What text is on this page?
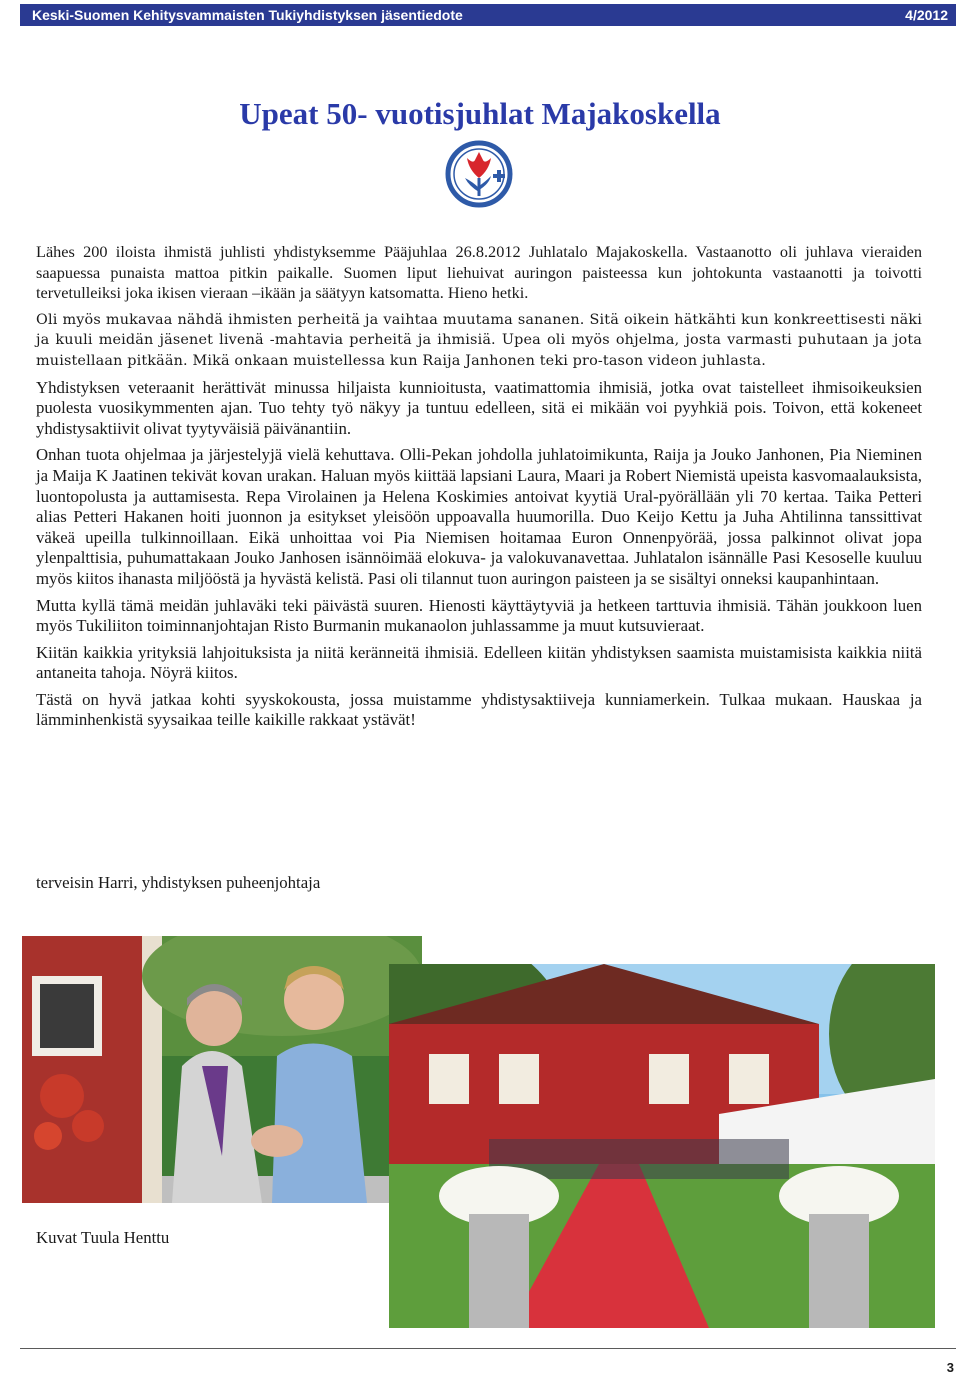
Keski-Suomen Kehitysvammaisten Tukiyhdistyksen jäsentiedote	4/2012
Upeat 50- vuotisjuhlat Majakoskella

Lähes 200 iloista ihmistä juhlisti yhdistyksemme Pääjuhlaa 26.8.2012 Juhlatalo Majakoskella. Vastaanotto oli juhlava vieraiden saapuessa punaista mattoa pitkin paikalle. Suomen liput liehuivat auringon paisteessa kun johtokunta vastaanotti ja toivotti tervetulleiksi joka ikisen vieraan –ikään ja säätyyn katsomatta. Hieno hetki.

Oli myös mukavaa nähdä ihmisten perheitä ja vaihtaa muutama sananen. Sitä oikein hätkähti kun konkreettisesti näki ja kuuli meidän jäsenet livenä -mahtavia perheitä ja ihmisiä. Upea oli myös ohjelma, josta varmasti puhutaan ja jota muistellaan pitkään. Mikä onkaan muistellessa kun Raija Janhonen teki pro-tason videon juhlasta.

Yhdistyksen veteraanit herättivät minussa hiljaista kunnioitusta, vaatimattomia ihmisiä, jotka ovat taistelleet ihmisoikeuksien puolesta vuosikymmenten ajan. Tuo tehty työ näkyy ja tuntuu edelleen, sitä ei mikään voi pyyhkiä pois. Toivon, että kokeneet yhdistysaktiivit olivat tyytyväisiä päivänantiin.

Onhan tuota ohjelmaa ja järjestelyjä vielä kehuttava. Olli-Pekan johdolla juhlatoimikunta, Raija ja Jouko Janhonen, Pia Nieminen ja Maija K Jaatinen tekivät kovan urakan. Haluan myös kiittää lapsiani Laura, Maari ja Robert Niemistä upeista kasvomaalauksista, luontopolusta ja auttamisesta. Repa Virolainen ja Helena Koskimies antoivat kyytiä Ural-pyörällään yli 70 kertaa. Taika Petteri alias Petteri Hakanen hoiti juonnon ja esitykset yleisöön uppoavalla huumorilla. Duo Keijo Kettu ja Juha Ahtilinna tanssittivat väkeä upeilla tulkinnoillaan. Eikä unhoittaa voi Pia Niemisen hoitamaa Euron Onnenpyörää, jossa palkinnot olivat jopa ylenpalttisia, puhumattakaan Jouko Janhosen isännöimää elokuva- ja valokuvanavettaa. Juhlatalon isännälle Pasi Kesoselle kuuluu myös kiitos ihanasta miljööstä ja hyvästä kelistä. Pasi oli tilannut tuon auringon paisteen ja se sisältyi onneksi kaupanhintaan.

Mutta kyllä tämä meidän juhlaväki teki päivästä suuren. Hienosti käyttäytyviä ja hetkeen tarttuvia ihmisiä. Tähän joukkoon luen myös Tukiliiton toiminnanjohtajan Risto Burmanin mukanaolon juhlassamme ja muut kutsuvieraat.

Kiitän kaikkia yrityksiä lahjoituksista ja niitä keränneitä ihmisiä. Edelleen kiitän yhdistyksen saamista muistamisista kaikkia niitä antaneita tahoja. Nöyrä kiitos.

Tästä on hyvä jatkaa kohti syyskokousta, jossa muistamme yhdistysaktiiveja kunniamerkein. Tulkaa mukaan. Hauskaa ja lämminhenkistä syysaikaa teille kaikille rakkaat ystävät!

terveisin Harri, yhdistyksen puheenjohtaja
Kuvat Tuula Henttu
3
